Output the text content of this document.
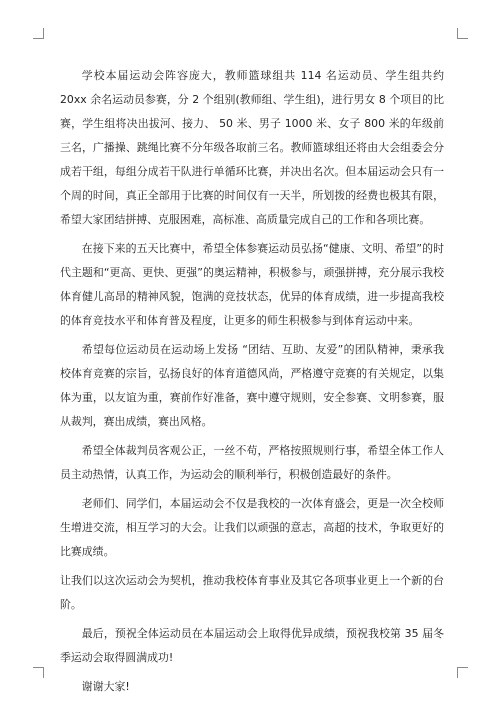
学校本届运动会阵容庞大，教师篮球组共 114 名运动员、学生组共约 20xx 余名运动员参赛，分 2 个组别(教师组、学生组)，进行男女 8 个项目的比赛，学生组将决出拔河、接力、 50 米、男子 1000 米、女子 800 米的年级前三名，广播操、跳绳比赛不分年级各取前三名。教师篮球组还将由大会组委会分成若干组，每组分成若干队进行单循环比赛，并决出名次。但本届运动会只有一个周的时间，真正全部用于比赛的时间仅有一天半，所划拨的经费也极其有限，希望大家团结拼搏、克服困难，高标准、高质量完成自己的工作和各项比赛。

在接下来的五天比赛中，希望全体参赛运动员弘扬“健康、文明、希望”的时代主题和“更高、更快、更强”的奥运精神，积极参与，顽强拼搏，充分展示我校体育健儿高昂的精神风貌，饱满的竞技状态，优异的体育成绩，进一步提高我校的体育竞技水平和体育普及程度，让更多的师生积极参与到体育运动中来。

希望每位运动员在运动场上发扬 “团结、互助、友爱”的团队精神，秉承我校体育竞赛的宗旨，弘扬良好的体育道德风尚，严格遵守竞赛的有关规定，以集体为重，以友谊为重，赛前作好准备，赛中遵守规则，安全参赛、文明参赛，服从裁判，赛出成绩，赛出风格。

希望全体裁判员客观公正，一丝不苟，严格按照规则行事，希望全体工作人员主动热情，认真工作，为运动会的顺利举行，积极创造最好的条件。

老师们、同学们，本届运动会不仅是我校的一次体育盛会，更是一次全校师生增进交流，相互学习的大会。让我们以顽强的意志，高超的技术，争取更好的比赛成绩。

让我们以这次运动会为契机，推动我校体育事业及其它各项事业更上一个新的台阶。

最后，预祝全体运动员在本届运动会上取得优异成绩，预祝我校第 35 届冬季运动会取得圆满成功!

谢谢大家!
